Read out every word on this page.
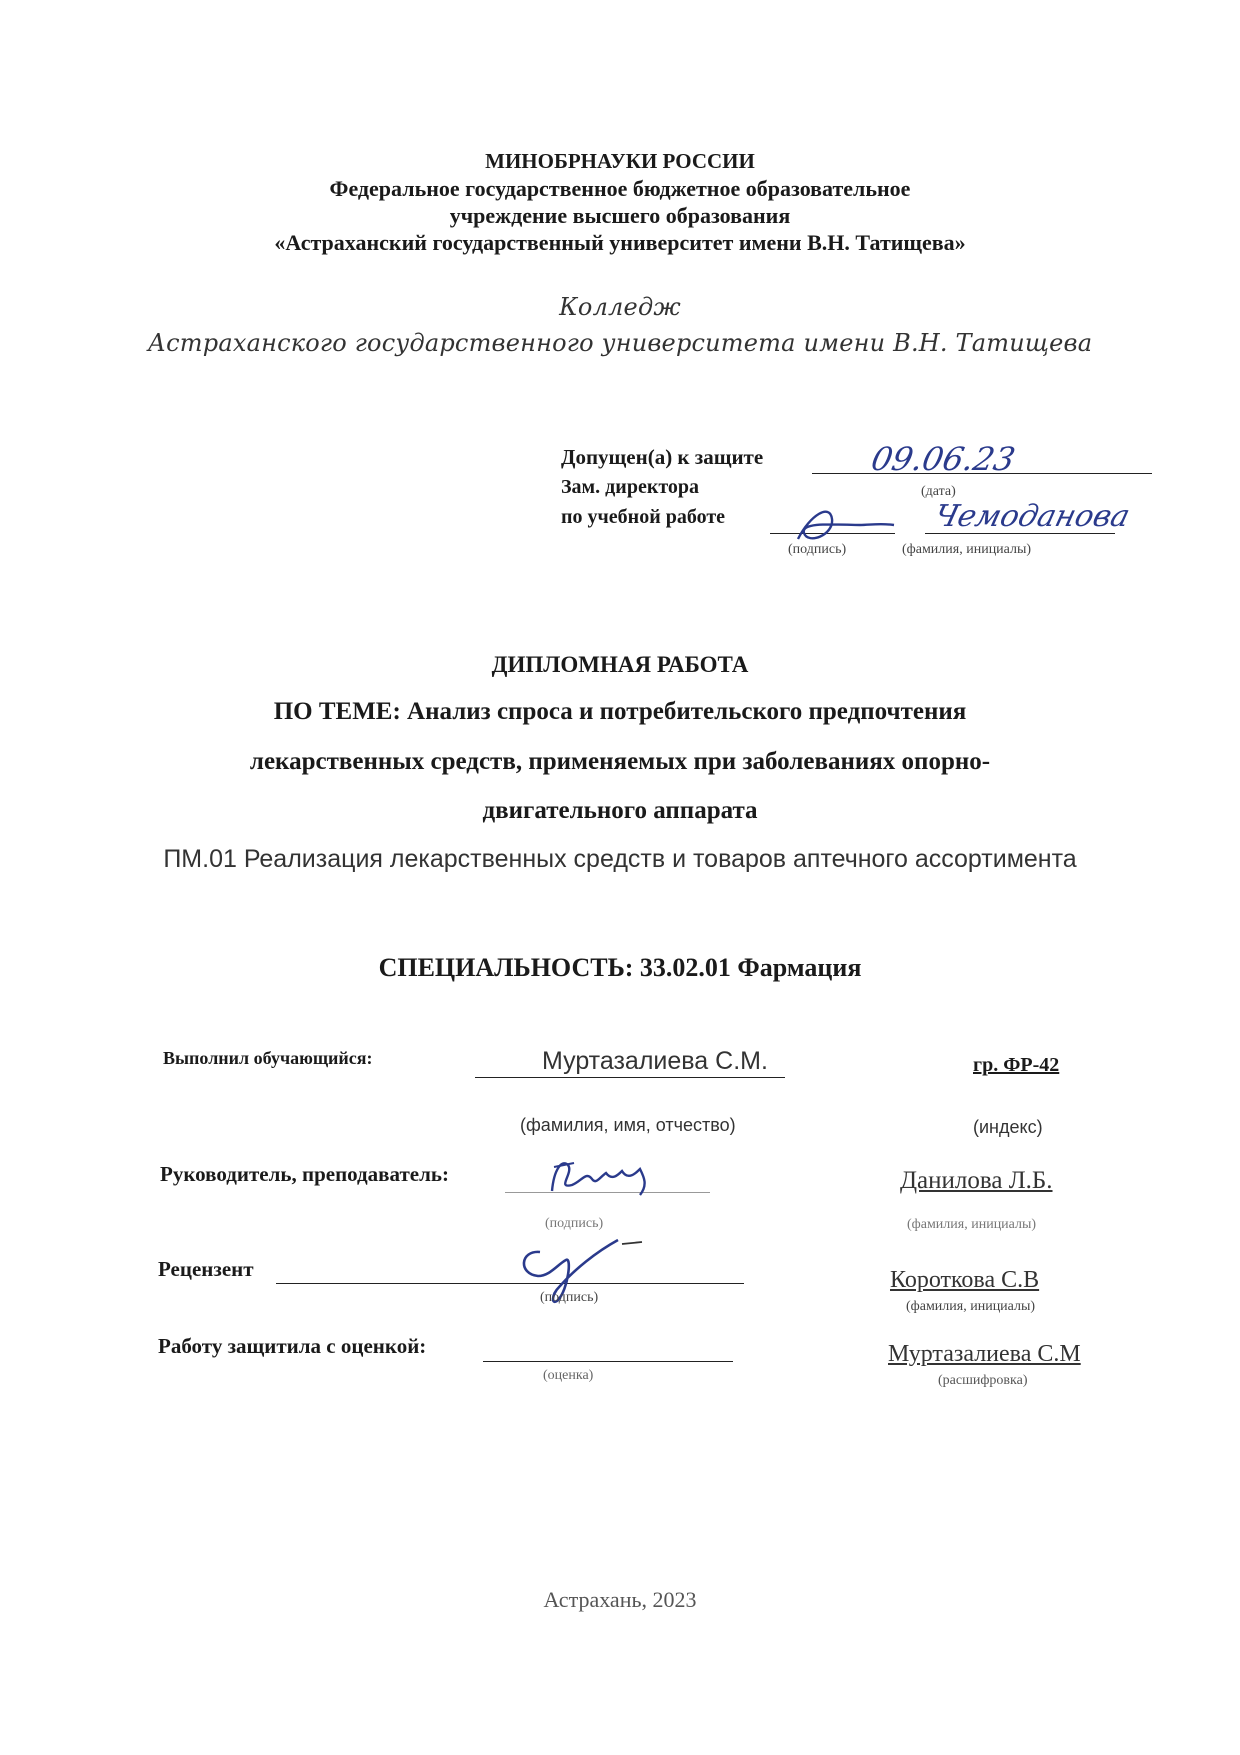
МИНОБРНАУКИ РОССИИ
Федеральное государственное бюджетное образовательное
учреждение высшего образования
«Астраханский государственный университет имени В.Н. Татищева»
Колледж
Астраханского государственного университета имени В.Н. Татищева
Допущен(а) к защите	09.06.23
(дата)
Зам. директора
по учебной работе
(подпись)
Чемоданова
(фамилия, инициалы)
ДИПЛОМНАЯ РАБОТА
ПО ТЕМЕ: Анализ спроса и потребительского предпочтения
лекарственных средств, применяемых при заболеваниях опорно-
двигательного аппарата
ПМ.01 Реализация лекарственных средств и товаров аптечного ассортимента
СПЕЦИАЛЬНОСТЬ: 33.02.01 Фармация
Выполнил обучающийся:	Муртазалиева С.М.
(фамилия, имя, отчество)
гр. ФР-42
(индекс)
Руководитель, преподаватель:
(подпись)
Данилова Л.Б.
(фамилия, инициалы)
Рецензент
(подпись)
Короткова С.В
(фамилия, инициалы)
Работу защитила с оценкой:
(оценка)
Муртазалиева С.М
(расшифровка)
Астрахань, 2023
